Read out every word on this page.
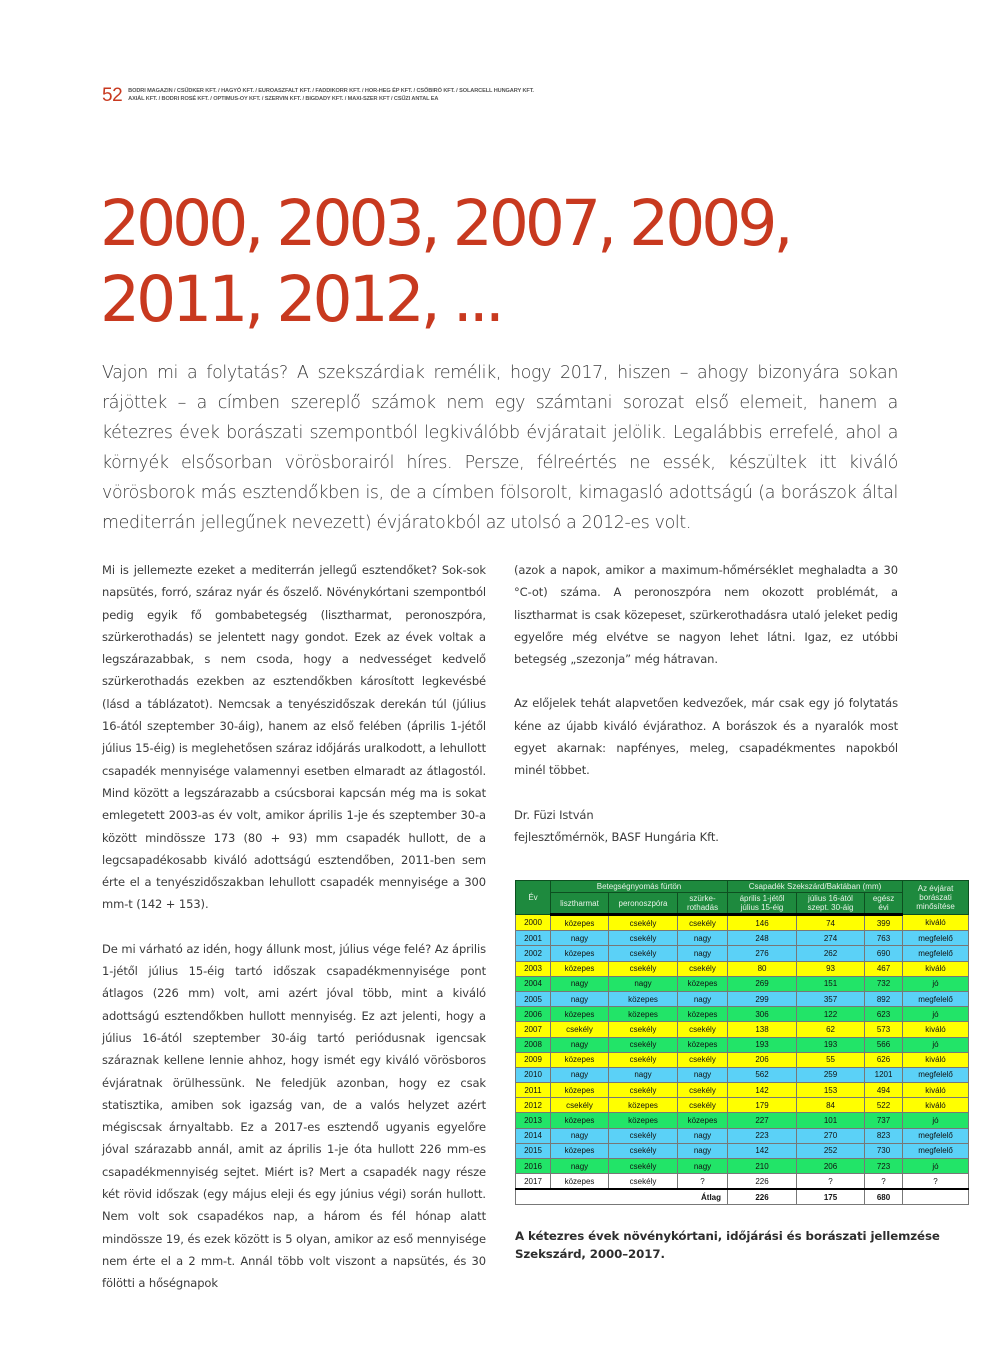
52 BODRI MAGAZIN / CSŰDKER KFT. / HAGYÓ KFT. / EUROASZFALT KFT. / FADDIKORR KFT. / HOR-HEG ÉP KFT. / CSŐBIRÓ KFT. / SOLARCELL HUNGARY KFT.
AXIÁL KFT. / BODRI ROSÉ KFT. / OPTIMUS-OY KFT. / SZERVIN KFT. / BIGDADY KFT. / MAXI-SZER KFT / CSŰZI ANTAL EA
2000, 2003, 2007, 2009,
2011, 2012, ...

Vajon mi a folytatás? A szekszárdiak remélik, hogy 2017, hiszen – ahogy bizonyára sokan rájöttek – a címben szereplő számok nem egy számtani sorozat első elemeit, hanem a kétezres évek borászati szempontból legkiválóbb évjáratait jelölik. Legalábbis errefelé, ahol a környék elsősorban vörösborairól híres. Persze, félreértés ne essék, készültek itt kiváló vörösborok más esztendőkben is, de a címben fölsorolt, kimagasló adottságú (a borászok által mediterrán jellegűnek nevezett) évjáratokból az utolsó a 2012-es volt.

Mi is jellemezte ezeket a mediterrán jellegű esztendőket? Sok-sok napsütés, forró, száraz nyár és őszelő. Növénykórtani szempontból pedig egyik fő gombabetegség (lisztharmat, peronoszpóra, szürkerothadás) se jelentett nagy gondot. Ezek az évek voltak a legszárazabbak, s nem csoda, hogy a nedvességet kedvelő szürkerothadás ezekben az esztendőkben károsított legkevésbé (lásd a táblázatot). Nemcsak a tenyészidőszak derekán túl (július 16-ától szeptember 30-áig), hanem az első felében (április 1-jétől július 15-éig) is meglehetősen száraz időjárás uralkodott, a lehullott csapadék mennyisége valamennyi esetben elmaradt az átlagostól. Mind között a legszárazabb a csúcsborai kapcsán még ma is sokat emlegetett 2003-as év volt, amikor április 1-je és szeptember 30-a között mindössze 173 (80 + 93) mm csapadék hullott, de a legcsapadékosabb kiváló adottságú esztendőben, 2011-ben sem érte el a tenyészidőszakban lehullott csapadék mennyisége a 300 mm-t (142 + 153).

De mi várható az idén, hogy állunk most, július vége felé? Az április 1-jétől július 15-éig tartó időszak csapadékmennyisége pont átlagos (226 mm) volt, ami azért jóval több, mint a kiváló adottságú esztendőkben hullott mennyiség. Ez azt jelenti, hogy a július 16-ától szeptember 30-áig tartó periódusnak igencsak száraznak kellene lennie ahhoz, hogy ismét egy kiváló vörösboros évjáratnak örülhessünk. Ne feledjük azonban, hogy ez csak statisztika, amiben sok igazság van, de a valós helyzet azért mégiscsak árnyaltabb. Ez a 2017-es esztendő ugyanis egyelőre jóval szárazabb annál, amit az április 1-je óta hullott 226 mm-es csapadékmennyiség sejtet. Miért is? Mert a csapadék nagy része két rövid időszak (egy május eleji és egy június végi) során hullott. Nem volt sok csapadékos nap, a három és fél hónap alatt mindössze 19, és ezek között is 5 olyan, amikor az eső mennyisége nem érte el a 2 mm-t. Annál több volt viszont a napsütés, és 30 fölötti a hőségnapok

(azok a napok, amikor a maximum-hőmérséklet meghaladta a 30 °C-ot) száma. A peronoszpóra nem okozott problémát, a lisztharmat is csak közepeset, szürkerothadásra utaló jeleket pedig egyelőre még elvétve se nagyon lehet látni. Igaz, ez utóbbi betegség „szezonja” még hátravan.

Az előjelek tehát alapvetően kedvezőek, már csak egy jó folytatás kéne az újabb kiváló évjárathoz. A borászok és a nyaralók most egyet akarnak: napfényes, meleg, csapadékmentes napokból minél többet.

Dr. Füzi István

fejlesztőmérnök, BASF Hungária Kft.

Év	Betegségnyomás fürtön			Csapadék Szekszárd/Baktában (mm)			Az évjárat borászati minősítése
	lisztharmat	peronoszpóra	szürke-rothadás	április 1-jétől július 15-éig	július 16-ától szept. 30-áig	egész évi	
2000	közepes	csekély	csekély	146	74	399	kiváló
2001	nagy	csekély	nagy	248	274	763	megfelelő
2002	közepes	csekély	nagy	276	262	690	megfelelő
2003	közepes	csekély	csekély	80	93	467	kiváló
2004	nagy	nagy	közepes	269	151	732	jó
2005	nagy	közepes	nagy	299	357	892	megfelelő
2006	közepes	közepes	közepes	306	122	623	jó
2007	csekély	csekély	csekély	138	62	573	kiváló
2008	nagy	csekély	közepes	193	193	566	jó
2009	közepes	csekély	csekély	206	55	626	kiváló
2010	nagy	nagy	nagy	562	259	1201	megfelelő
2011	közepes	csekély	csekély	142	153	494	kiváló
2012	csekély	közepes	csekély	179	84	522	kiváló
2013	közepes	közepes	közepes	227	101	737	jó
2014	nagy	csekély	nagy	223	270	823	megfelelő
2015	közepes	csekély	nagy	142	252	730	megfelelő
2016	nagy	csekély	nagy	210	206	723	jó
2017	közepes	csekély	?	226	?	?	?
Átlag				226	175	680	

A kétezres évek növénykórtani, időjárási és borászati jellemzése Szekszárd, 2000–2017.
